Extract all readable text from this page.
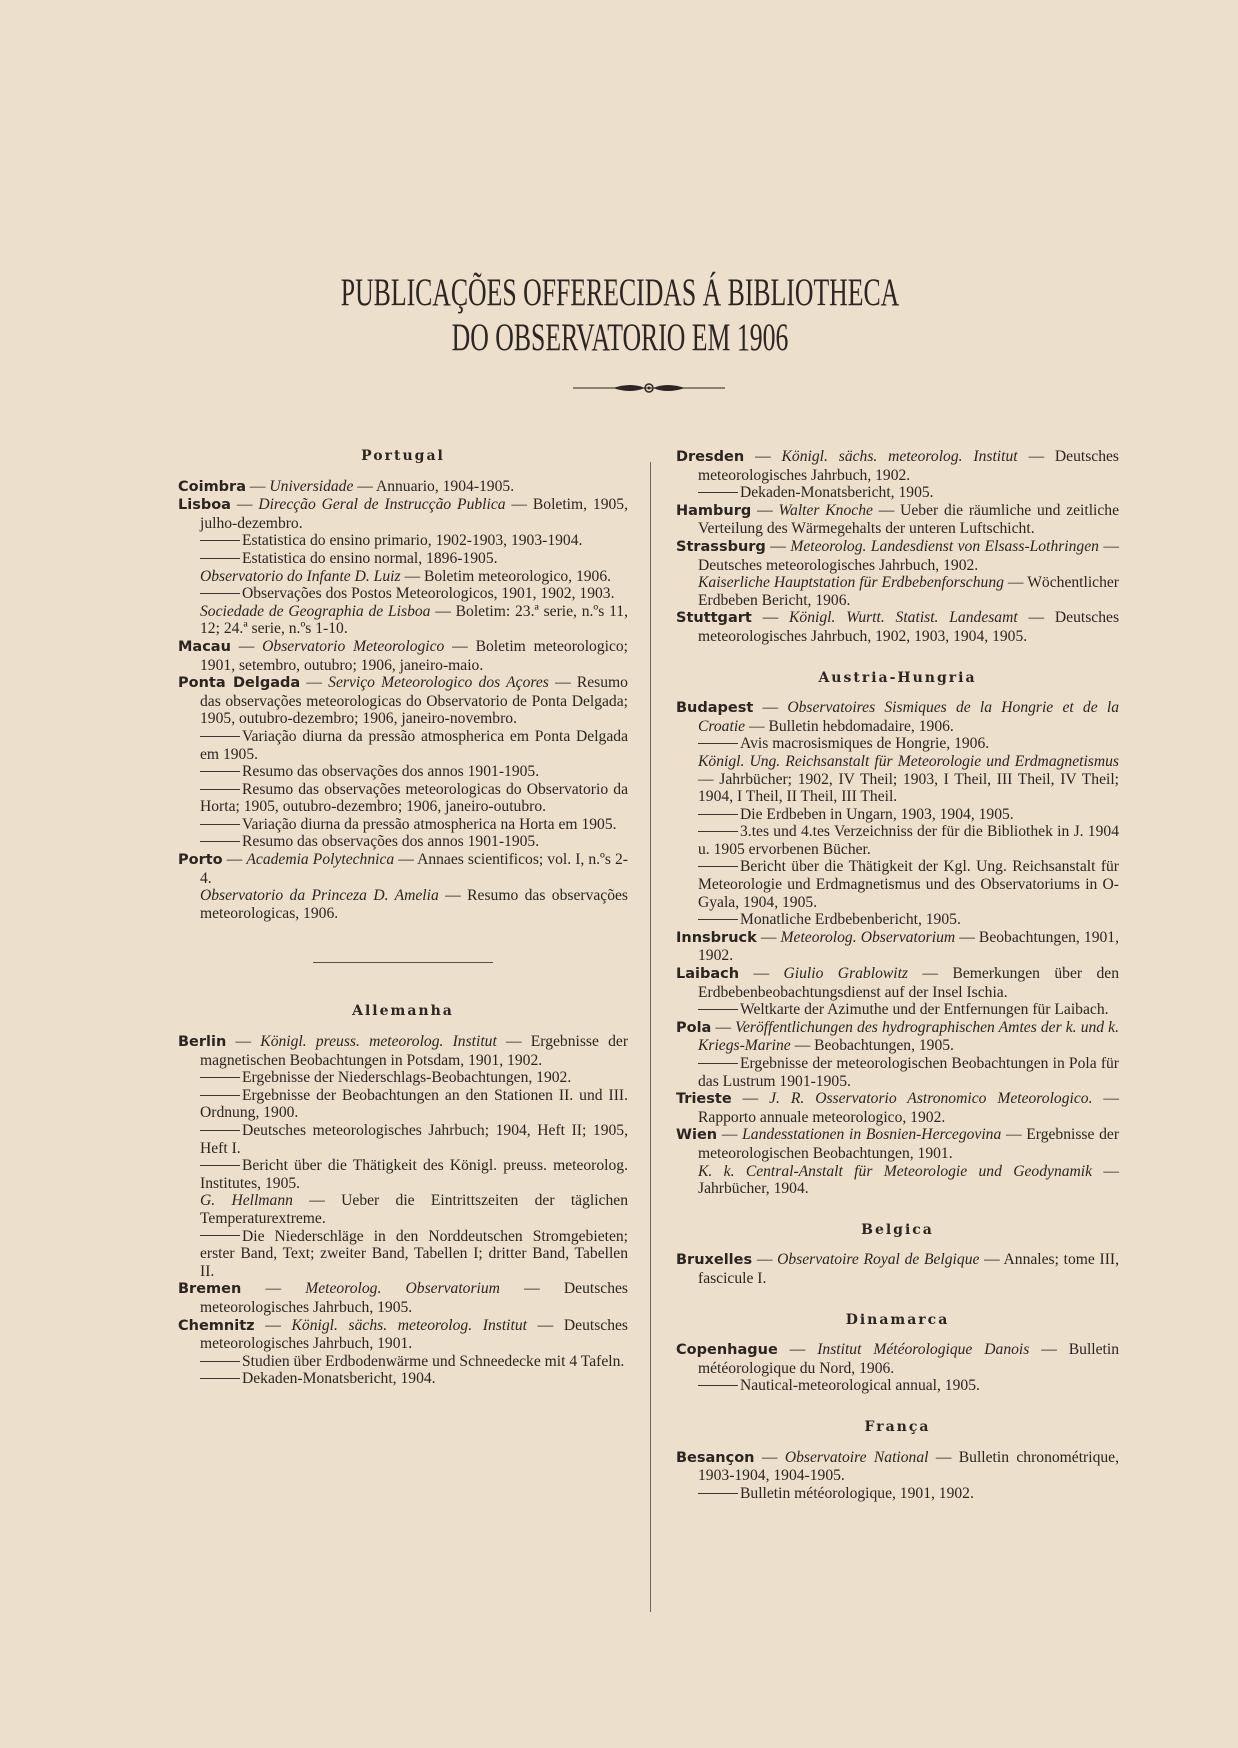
PUBLICAÇÕES OFFERECIDAS Á BIBLIOTHECA DO OBSERVATORIO EM 1906
Portugal

Coimbra — Universidade — Annuario, 1904-1905.

Lisboa — Direcção Geral de Instrucção Publica — Boletim, 1905, julho-dezembro.

Estatistica do ensino primario, 1902-1903, 1903-1904.

Estatistica do ensino normal, 1896-1905.

Observatorio do Infante D. Luiz — Boletim meteorologico, 1906.

Observações dos Postos Meteorologicos, 1901, 1902, 1903.

Sociedade de Geographia de Lisboa — Boletim: 23.ª serie, n.ºs 11, 12; 24.ª serie, n.ºs 1-10.

Macau — Observatorio Meteorologico — Boletim meteorologico; 1901, setembro, outubro; 1906, janeiro-maio.

Ponta Delgada — Serviço Meteorologico dos Açores — Resumo das observações meteorologicas do Observatorio de Ponta Delgada; 1905, outubro-dezembro; 1906, janeiro-novembro.

Variação diurna da pressão atmospherica em Ponta Delgada em 1905.

Resumo das observações dos annos 1901-1905.

Resumo das observações meteorologicas do Observatorio da Horta; 1905, outubro-dezembro; 1906, janeiro-outubro.

Variação diurna da pressão atmospherica na Horta em 1905.

Resumo das observações dos annos 1901-1905.

Porto — Academia Polytechnica — Annaes scientificos; vol. I, n.ºs 2-4.

Observatorio da Princeza D. Amelia — Resumo das observações meteorologicas, 1906.

Allemanha

Berlin — Königl. preuss. meteorolog. Institut — Ergebnisse der magnetischen Beobachtungen in Potsdam, 1901, 1902.

Ergebnisse der Niederschlags-Beobachtungen, 1902.

Ergebnisse der Beobachtungen an den Stationen II. und III. Ordnung, 1900.

Deutsches meteorologisches Jahrbuch; 1904, Heft II; 1905, Heft I.

Bericht über die Thätigkeit des Königl. preuss. meteorolog. Institutes, 1905.

G. Hellmann — Ueber die Eintrittszeiten der täglichen Temperaturextreme.

Die Niederschläge in den Norddeutschen Stromgebieten; erster Band, Text; zweiter Band, Tabellen I; dritter Band, Tabellen II.

Bremen — Meteorolog. Observatorium — Deutsches meteorologisches Jahrbuch, 1905.

Chemnitz — Königl. sächs. meteorolog. Institut — Deutsches meteorologisches Jahrbuch, 1901.

Studien über Erdbodenwärme und Schneedecke mit 4 Tafeln.

Dekaden-Monatsbericht, 1904.

Dresden — Königl. sächs. meteorolog. Institut — Deutsches meteorologisches Jahrbuch, 1902.

Dekaden-Monatsbericht, 1905.

Hamburg — Walter Knoche — Ueber die räumliche und zeitliche Verteilung des Wärmegehalts der unteren Luftschicht.

Strassburg — Meteorolog. Landesdienst von Elsass-Lothringen — Deutsches meteorologisches Jahrbuch, 1902.

Kaiserliche Hauptstation für Erdbebenforschung — Wöchentlicher Erdbeben Bericht, 1906.

Stuttgart — Königl. Wurtt. Statist. Landesamt — Deutsches meteorologisches Jahrbuch, 1902, 1903, 1904, 1905.

Austria-Hungria

Budapest — Observatoires Sismiques de la Hongrie et de la Croatie — Bulletin hebdomadaire, 1906.

Avis macrosismiques de Hongrie, 1906.

Königl. Ung. Reichsanstalt für Meteorologie und Erdmagnetismus — Jahrbücher; 1902, IV Theil; 1903, I Theil, III Theil, IV Theil; 1904, I Theil, II Theil, III Theil.

Die Erdbeben in Ungarn, 1903, 1904, 1905.

3.tes und 4.tes Verzeichniss der für die Bibliothek in J. 1904 u. 1905 ervorbenen Bücher.

Bericht über die Thätigkeit der Kgl. Ung. Reichsanstalt für Meteorologie und Erdmagnetismus und des Observatoriums in O-Gyala, 1904, 1905.

Monatliche Erdbebenbericht, 1905.

Innsbruck — Meteorolog. Observatorium — Beobachtungen, 1901, 1902.

Laibach — Giulio Grablowitz — Bemerkungen über den Erdbebenbeobachtungsdienst auf der Insel Ischia.

Weltkarte der Azimuthe und der Entfernungen für Laibach.

Pola — Veröffentlichungen des hydrographischen Amtes der k. und k. Kriegs-Marine — Beobachtungen, 1905.

Ergebnisse der meteorologischen Beobachtungen in Pola für das Lustrum 1901-1905.

Trieste — J. R. Osservatorio Astronomico Meteorologico. — Rapporto annuale meteorologico, 1902.

Wien — Landesstationen in Bosnien-Hercegovina — Ergebnisse der meteorologischen Beobachtungen, 1901.

K. k. Central-Anstalt für Meteorologie und Geodynamik — Jahrbücher, 1904.

Belgica

Bruxelles — Observatoire Royal de Belgique — Annales; tome III, fascicule I.

Dinamarca

Copenhague — Institut Météorologique Danois — Bulletin météorologique du Nord, 1906.

Nautical-meteorological annual, 1905.

França

Besançon — Observatoire National — Bulletin chronométrique, 1903-1904, 1904-1905.

Bulletin météorologique, 1901, 1902.
